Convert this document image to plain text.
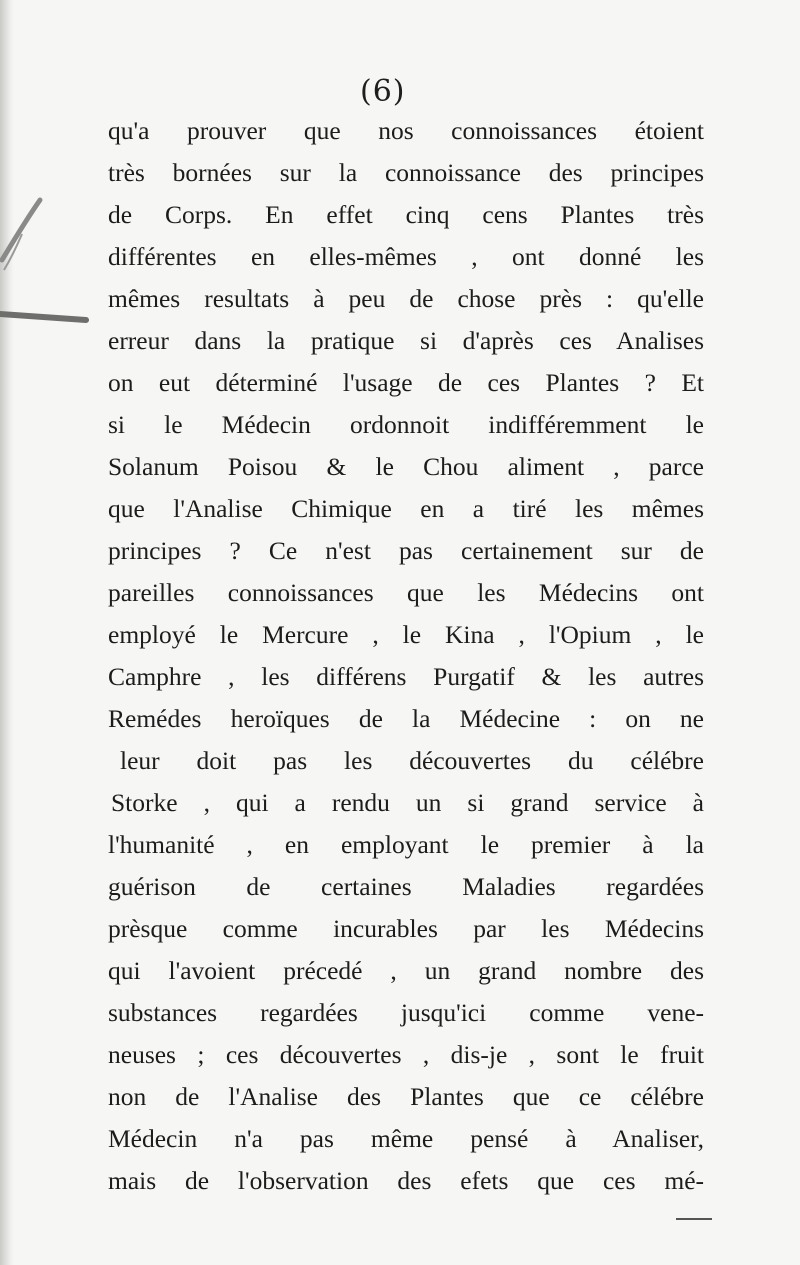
(6)
qu'a prouver que nos connoissances étoient
très bornées sur la connoissance des principes
de Corps. En effet cinq cens Plantes très
différentes en elles-mêmes , ont donné les
mêmes resultats à peu de chose près : qu'elle
erreur dans la pratique si d'après ces Analises
on eut déterminé l'usage de ces Plantes ? Et
si le Médecin ordonnoit indifféremment le
Solanum Poisou & le Chou aliment , parce
que l'Analise Chimique en a tiré les mêmes
principes ? Ce n'est pas certainement sur de
pareilles connoissances que les Médecins ont
employé le Mercure , le Kina , l'Opium , le
Camphre , les différens Purgatif & les autres
Remédes heroïques de la Médecine : on ne
leur doit pas les découvertes du célébre
Storke , qui a rendu un si grand service à
l'humanité , en employant le premier à la
guérison de certaines Maladies regardées
prèsque comme incurables par les Médecins
qui l'avoient précedé , un grand nombre des
substances regardées jusqu'ici comme vene-
neuses ; ces découvertes , dis-je , sont le fruit
non de l'Analise des Plantes que ce célébre
Médecin n'a pas même pensé à Analiser,
mais de l'observation des efets que ces mé-
